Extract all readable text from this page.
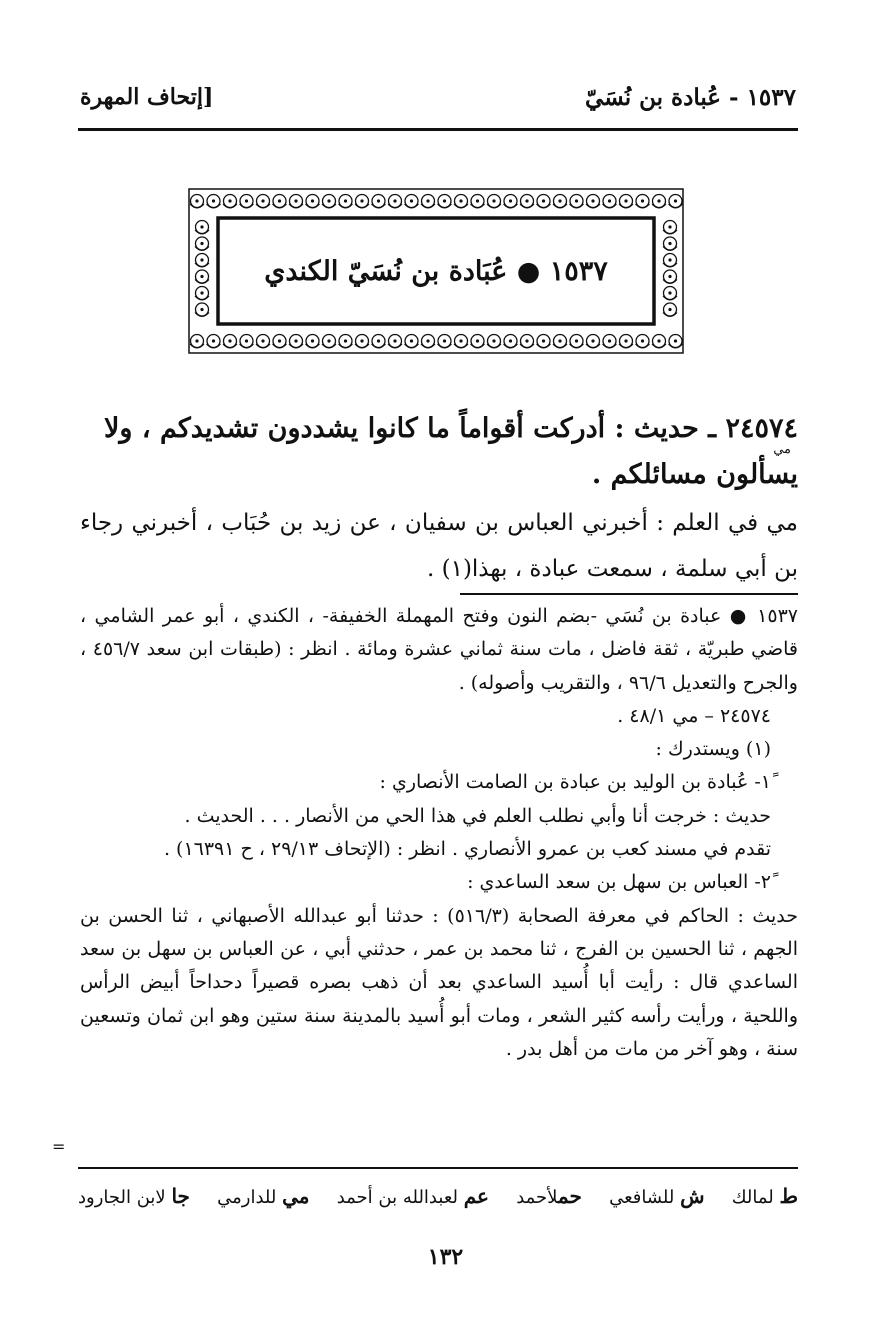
١٥٣٧ - عُبادة بن نُسَيّ
[إتحاف المهرة
١٥٣٧ ● عُبَادة بن نُسَيّ الكندي
٢٤٥٧٤ ـ حديث : أدركت أقواماً ما كانوا يشددون تشديدكم ، ولا يسألون مسائلكم .
مي
مي في العلم : أخبرني العباس بن سفيان ، عن زيد بن حُبَاب ، أخبرني رجاء بن أبي سلمة ، سمعت عبادة ، بهذا(١) .

١٥٣٧ ● عبادة بن نُسَي -بضم النون وفتح المهملة الخفيفة- ، الكندي ، أبو عمر الشامي ، قاضي طبريّة ، ثقة فاضل ، مات سنة ثماني عشرة ومائة . انظر : (طبقات ابن سعد ٤٥٦/٧ ، والجرح والتعديل ٩٦/٦ ، والتقريب وأصوله) .

٢٤٥٧٤ – مي ٤٨/١ .

(١) ويستدرك :

١ً- عُبادة بن الوليد بن عبادة بن الصامت الأنصاري :

حديث : خرجت أنا وأبي نطلب العلم في هذا الحي من الأنصار . . . الحديث .

تقدم في مسند كعب بن عمرو الأنصاري . انظر : (الإتحاف ٢٩/١٣ ، ح ١٦٣٩١) .

٢ً- العباس بن سهل بن سعد الساعدي :

حديث : الحاكم في معرفة الصحابة (٥١٦/٣) : حدثنا أبو عبدالله الأصبهاني ، ثنا الحسن بن الجهم ، ثنا الحسين بن الفرج ، ثنا محمد بن عمر ، حدثني أبي ، عن العباس بن سهل بن سعد الساعدي قال : رأيت أبا أُسيد الساعدي بعد أن ذهب بصره قصيراً دحداحاً أبيض الرأس واللحية ، ورأيت رأسه كثير الشعر ، ومات أبو أُسيد بالمدينة سنة ستين وهو ابن ثمان وتسعين سنة ، وهو آخر من مات من أهل بدر .

=
ط لمالك
ش للشافعي
حملأحمد
عم لعبدالله بن أحمد
مي للدارمي
جا لابن الجارود
١٣٢
